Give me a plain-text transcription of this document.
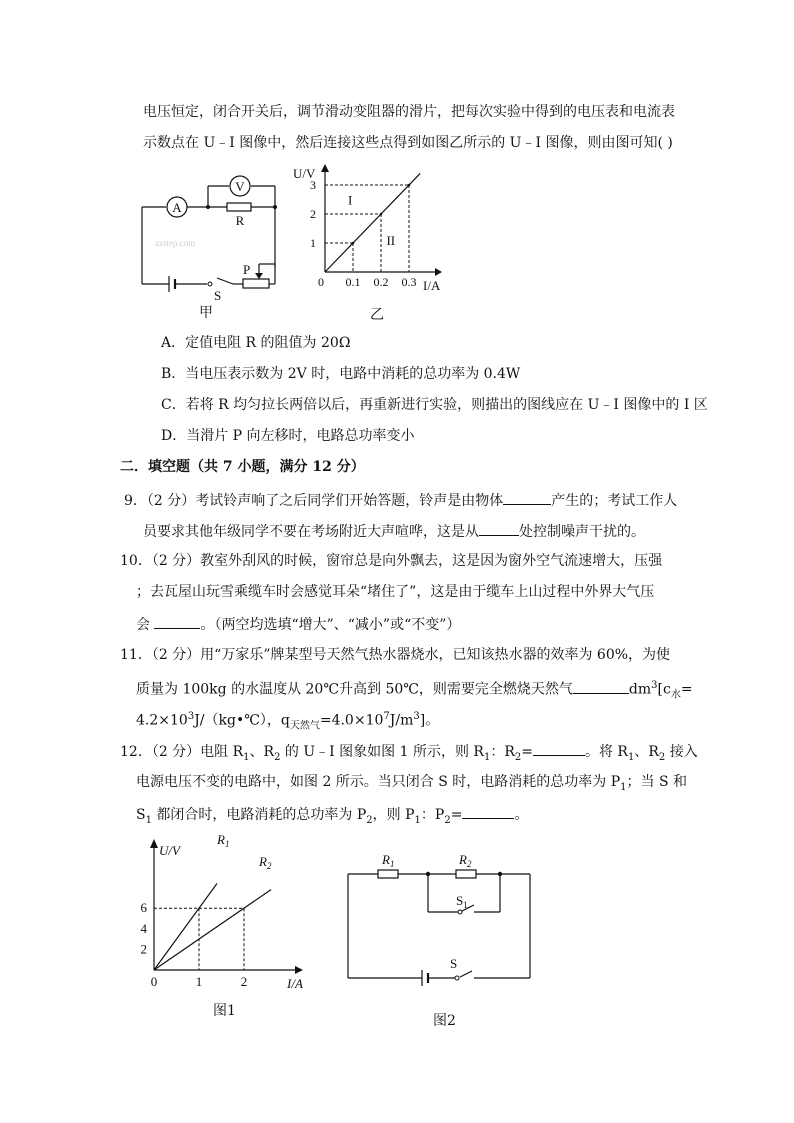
电压恒定，闭合开关后，调节滑动变阻器的滑片，把每次实验中得到的电压表和电流表
示数点在 U﹣I 图像中，然后连接这些点得到如图乙所示的 U﹣I 图像，则由图可知( )
A
V
R
S
P
zzstep.com
甲
U/V
I/A
0 0.1 0.2 0.3
1
2
3
I
II
乙
A．定值电阻 R 的阻值为 20Ω
B．当电压表示数为 2V 时，电路中消耗的总功率为 0.4W
C．若将 R 均匀拉长两倍以后，再重新进行实验，则描出的图线应在 U﹣I 图像中的 I 区
D．当滑片 P 向左移时，电路总功率变小
二．填空题（共 7 小题，满分 12 分）
9．（2 分）考试铃声响了之后同学们开始答题，铃声是由物体	产生的；考试工作人
员要求其他年级同学不要在考场附近大声喧哗，这是从	处控制噪声干扰的。
10．（2 分）教室外刮风的时候，窗帘总是向外飘去，这是因为窗外空气流速增大，压强
；去瓦屋山玩雪乘缆车时会感觉耳朵“堵住了”，这是由于缆车上山过程中外界大气压
会	。（两空均选填“增大”、“减小”或“不变”）
11．（2 分）用“万家乐”牌某型号天然气热水器烧水，已知该热水器的效率为 60%，为使
质量为 100kg 的水温度从 20℃升高到 50℃，则需要完全燃烧天然气	$dm^3[c_水=$
$4.2\times 10^3J/(kg•℃)$，$q_{天然气}=4.0\times 10^7J/m^3$]。
12．（2 分）电阻 $R_1$、$R_2$ 的 U﹣I 图象如图 1 所示，则 $R_1$：$R_2=$	。将 $R_1$、$R_2$ 接入
电源电压不变的电路中，如图 2 所示。当只闭合 S 时，电路消耗的总功率为 $P_1$；当 S 和
$S_1$ 都闭合时，电路消耗的总功率为 $P_2$，则 $P_1$：$P_2=$	。
U/V
I/A
0	1	2
2
4
6
$R_1$
$R_2$
图1
$R_1$	$R_2$
$S_1$
S
图2
